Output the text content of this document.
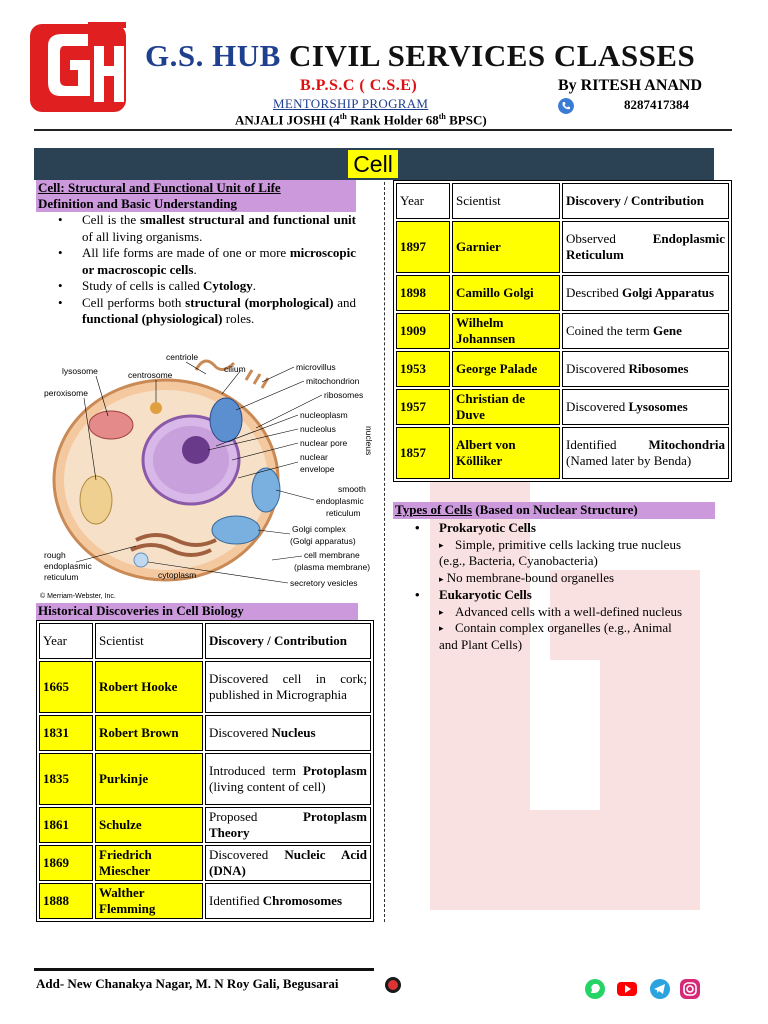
G.S. HUB CIVIL SERVICES CLASSES
B.P.S.C ( C.S.E)
MENTORSHIP PROGRAM
ANJALI JOSHI (4th Rank Holder 68th BPSC)
By RITESH ANAND
8287417384
Cell
Cell: Structural and Functional Unit of Life
Definition and Basic Understanding
• Cell is the smallest structural and functional unit of all living organisms.
• All life forms are made of one or more microscopic or macroscopic cells.
• Study of cells is called Cytology.
• Cell performs both structural (morphological) and functional (physiological) roles.
lysosome	centrosome
centriole
cilium	microvillus
mitochondrion
ribosomes
peroxisome
nucleoplasm
nucleolus
nuclear pore
nuclear
envelope
nucleus
smooth
endoplasmic
reticulum
Golgi complex
(Golgi apparatus)
rough
endoplasmic
reticulum
cell membrane
(plasma membrane)
cytoplasm
secretory vesicles
© Merriam-Webster, Inc.
Historical Discoveries in Cell Biology
Year	Scientist	Discovery / Contribution
1665	Robert Hooke	Discovered cell in cork; published in Micrographia
1831	Robert Brown	Discovered Nucleus
1835	Purkinje	Introduced term Protoplasm (living content of cell)
1861	Schulze	Proposed Protoplasm Theory
1869	Friedrich Miescher	Discovered Nucleic Acid (DNA)
1888	Walther Flemming	Identified Chromosomes
Year	Scientist	Discovery / Contribution
1897	Garnier	Observed Endoplasmic Reticulum
1898	Camillo Golgi	Described Golgi Apparatus
1909	Wilhelm Johannsen	Coined the term Gene
1953	George Palade	Discovered Ribosomes
1957	Christian de Duve	Discovered Lysosomes
1857	Albert von Kölliker	Identified Mitochondria (Named later by Benda)
Types of Cells (Based on Nuclear Structure)
• Prokaryotic Cells
▸ Simple, primitive cells lacking true nucleus (e.g., Bacteria, Cyanobacteria)
▸ No membrane-bound organelles
• Eukaryotic Cells
▸ Advanced cells with a well-defined nucleus
▸ Contain complex organelles (e.g., Animal and Plant Cells)
Add- New Chanakya Nagar, M. N Roy Gali, Begusarai
